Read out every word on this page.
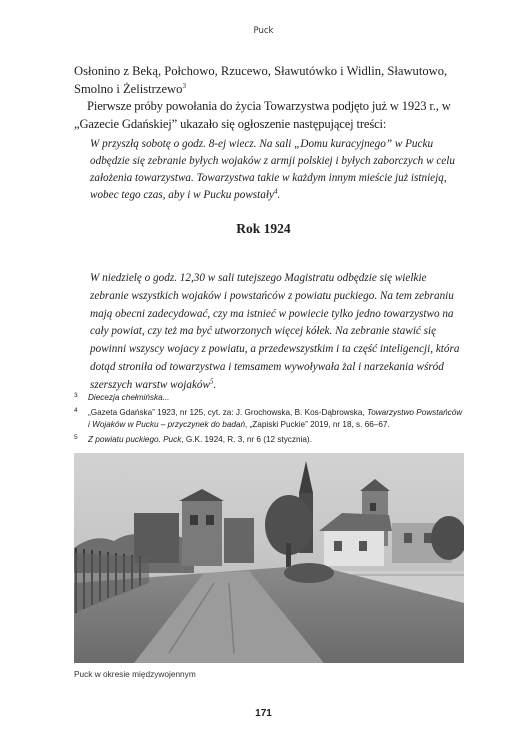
Puck

Osłonino z Beką, Połchowo, Rzucewo, Sławutówko i Widlin, Sławutowo, Smolno i Żelistrzewo$^3$

Pierwsze próby powołania do życia Towarzystwa podjęto już w 1923 r., w „Gazecie Gdańskiej” ukazało się ogłoszenie następującej treści:

W przyszłą sobotę o godz. 8-ej wiecz. Na sali „Domu kuracyjnego” w Pucku odbędzie się zebranie byłych wojaków z armji polskiej i byłych zaborczych w celu założenia towarzystwa. Towarzystwa takie w każdym innym mieście już istnieją, wobec tego czas, aby i w Pucku powstały$^4$.

Rok 1924

W niedzielę o godz. 12,30 w sali tutejszego Magistratu odbędzie się wielkie zebranie wszystkich wojaków i powstańców z powiatu puckiego. Na tem zebraniu mają obecni zadecydować, czy ma istnieć w powiecie tylko jedno towarzystwo na cały powiat, czy też ma być utworzonych więcej kółek. Na zebranie stawić się powinni wszyscy wojacy z powiatu, a przedewszystkim i ta część inteligencji, która dotąd stroniła od towarzystwa i temsamem wywoływała żal i narzekania wśród szerszych warstw wojaków$^5$.

3 Diecezja chełmińska...
4 „Gazeta Gdańska” 1923, nr 125, cyt. za: J. Grochowska, B. Kos-Dąbrowska, Towarzystwo Powstańców i Wojaków w Pucku – przyczynek do badań, „Zapiski Puckie” 2019, nr 18, s. 66–67.
5 Z powiatu puckiego. Puck, G.K. 1924, R. 3, nr 6 (12 stycznia).
Puck w okresie międzywojennym
171
